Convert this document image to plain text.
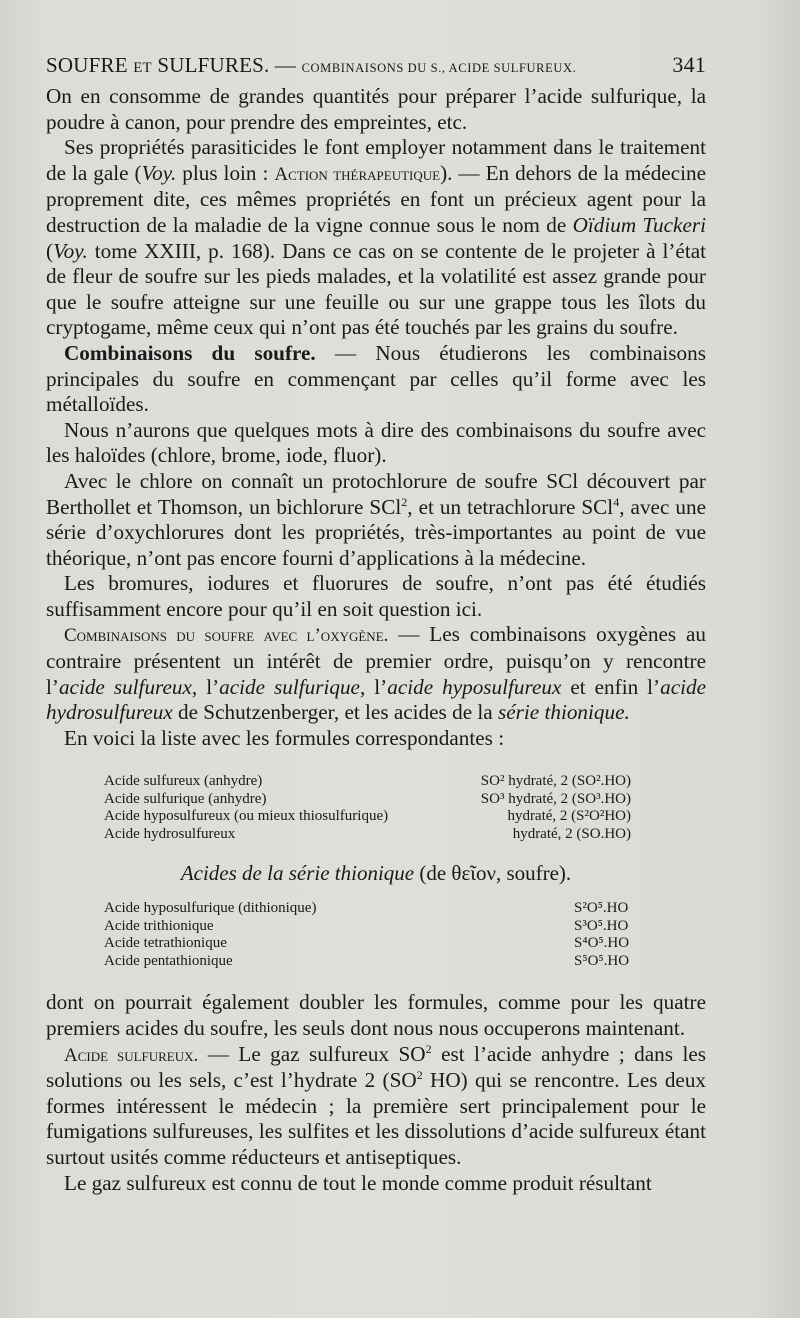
SOUFRE ET SULFURES. — COMBINAISONS DU S., ACIDE SULFUREUX.	341

On en consomme de grandes quantités pour préparer l’acide sulfurique, la poudre à canon, pour prendre des empreintes, etc.

Ses propriétés parasiticides le font employer notamment dans le traitement de la gale (Voy. plus loin : Action thérapeutique). — En dehors de la médecine proprement dite, ces mêmes propriétés en font un précieux agent pour la destruction de la maladie de la vigne connue sous le nom de Oïdium Tuckeri (Voy. tome XXIII, p. 168). Dans ce cas on se contente de le projeter à l’état de fleur de soufre sur les pieds malades, et la volatilité est assez grande pour que le soufre atteigne sur une feuille ou sur une grappe tous les îlots du cryptogame, même ceux qui n’ont pas été touchés par les grains du soufre.

Combinaisons du soufre. — Nous étudierons les combinaisons principales du soufre en commençant par celles qu’il forme avec les métalloïdes.

Nous n’aurons que quelques mots à dire des combinaisons du soufre avec les haloïdes (chlore, brome, iode, fluor).

Avec le chlore on connaît un protochlorure de soufre SCl découvert par Berthollet et Thomson, un bichlorure SCl$^2$, et un tetrachlorure SCl$^4$, avec une série d’oxychlorures dont les propriétés, très-importantes au point de vue théorique, n’ont pas encore fourni d’applications à la médecine.

Les bromures, iodures et fluorures de soufre, n’ont pas été étudiés suffisamment encore pour qu’il en soit question ici.

Combinaisons du soufre avec l’oxygène. — Les combinaisons oxygènes au contraire présentent un intérêt de premier ordre, puisqu’on y rencontre l’acide sulfureux, l’acide sulfurique, l’acide hyposulfureux et enfin l’acide hydrosulfureux de Schutzenberger, et les acides de la série thionique.

En voici la liste avec les formules correspondantes :

Acide sulfureux (anhydre)	SO² hydraté, 2 (SO².HO)
Acide sulfurique (anhydre)	SO³ hydraté, 2 (SO³.HO)
Acide hyposulfureux (ou mieux thiosulfurique)	hydraté, 2 (S²O²HO)
Acide hydrosulfureux	hydraté, 2 (SO.HO)
Acides de la série thionique (de θεῖον, soufre).
Acide hyposulfurique (dithionique)	S²O⁵.HO
Acide trithionique	S³O⁵.HO
Acide tetrathionique	S⁴O⁵.HO
Acide pentathionique	S⁵O⁵.HO

dont on pourrait également doubler les formules, comme pour les quatre premiers acides du soufre, les seuls dont nous nous occuperons maintenant.

Acide sulfureux. — Le gaz sulfureux $SO^2$ est l’acide anhydre ; dans les solutions ou les sels, c’est l’hydrate 2 ($SO^2$ HO) qui se rencontre. Les deux formes intéressent le médecin ; la première sert principalement pour le fumigations sulfureuses, les sulfites et les dissolutions d’acide sulfureux étant surtout usités comme réducteurs et antiseptiques.

Le gaz sulfureux est connu de tout le monde comme produit résultant
